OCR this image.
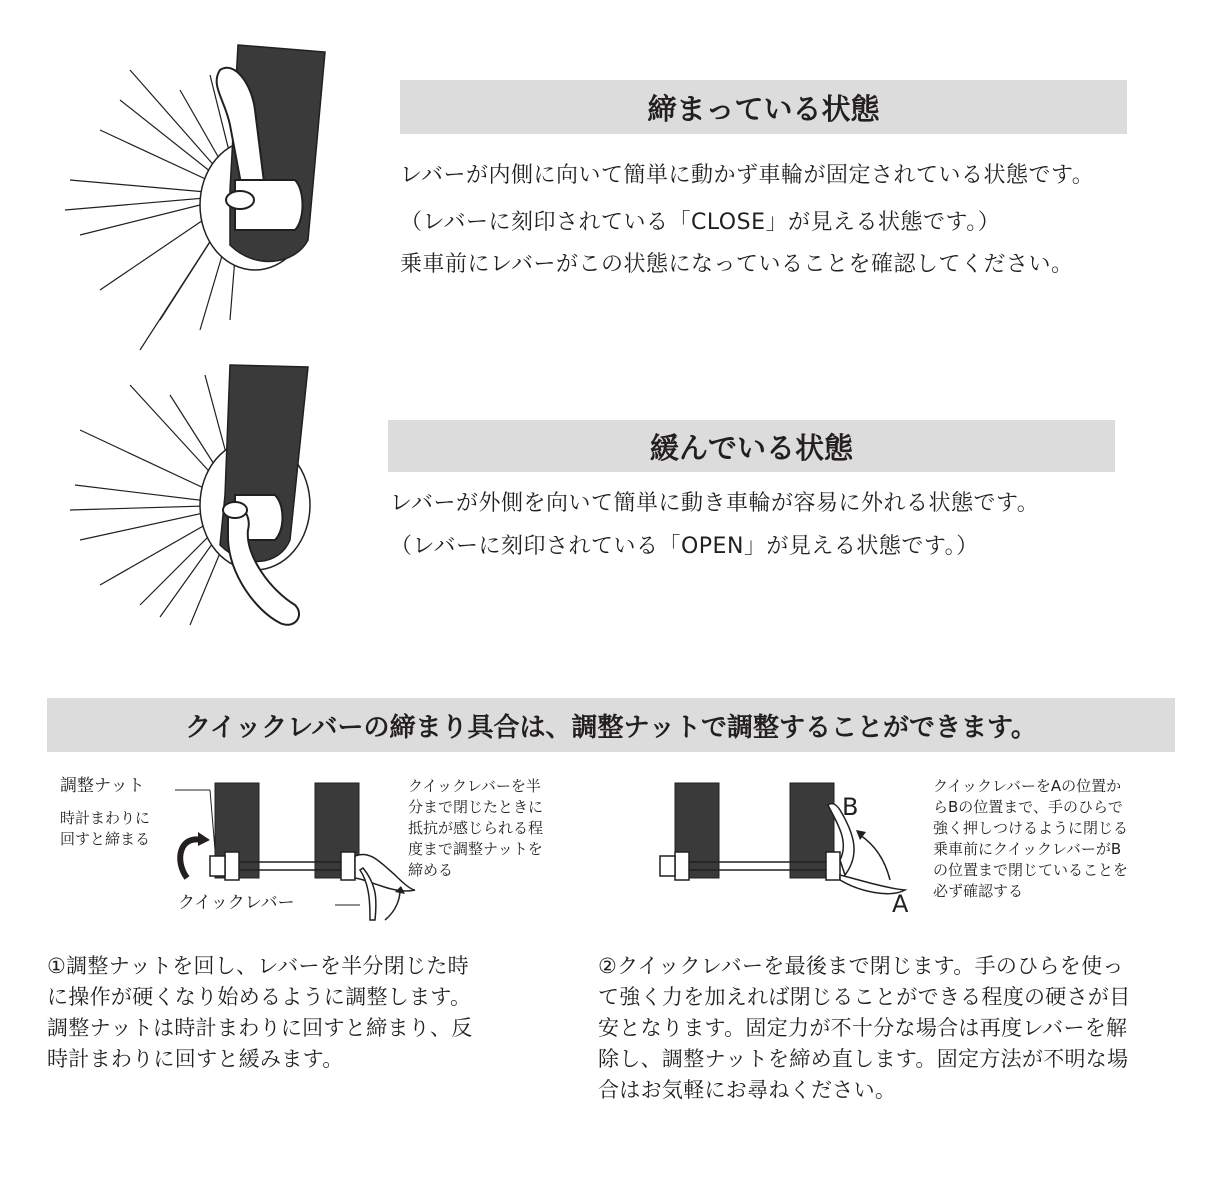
締まっている状態
レバーが内側に向いて簡単に動かず車輪が固定されている状態です。
（レバーに刻印されている「CLOSE」が見える状態です。）
乗車前にレバーがこの状態になっていることを確認してください。
緩んでいる状態
レバーが外側を向いて簡単に動き車輪が容易に外れる状態です。
（レバーに刻印されている「OPEN」が見える状態です。）
クイックレバーの締まり具合は、調整ナットで調整することができます。
調整ナット
時計まわりに
回すと締まる
クイックレバー
クイックレバーを半
分まで閉じたときに
抵抗が感じられる程
度まで調整ナットを
締める
B
A
クイックレバーをAの位置か
らBの位置まで、手のひらで
強く押しつけるように閉じる
乗車前にクイックレバーがB
の位置まで閉じていることを
必ず確認する
①調整ナットを回し、レバーを半分閉じた時
に操作が硬くなり始めるように調整します。
調整ナットは時計まわりに回すと締まり、反
時計まわりに回すと緩みます。
②クイックレバーを最後まで閉じます。手のひらを使っ
て強く力を加えれば閉じることができる程度の硬さが目
安となります。固定力が不十分な場合は再度レバーを解
除し、調整ナットを締め直します。固定方法が不明な場
合はお気軽にお尋ねください。
